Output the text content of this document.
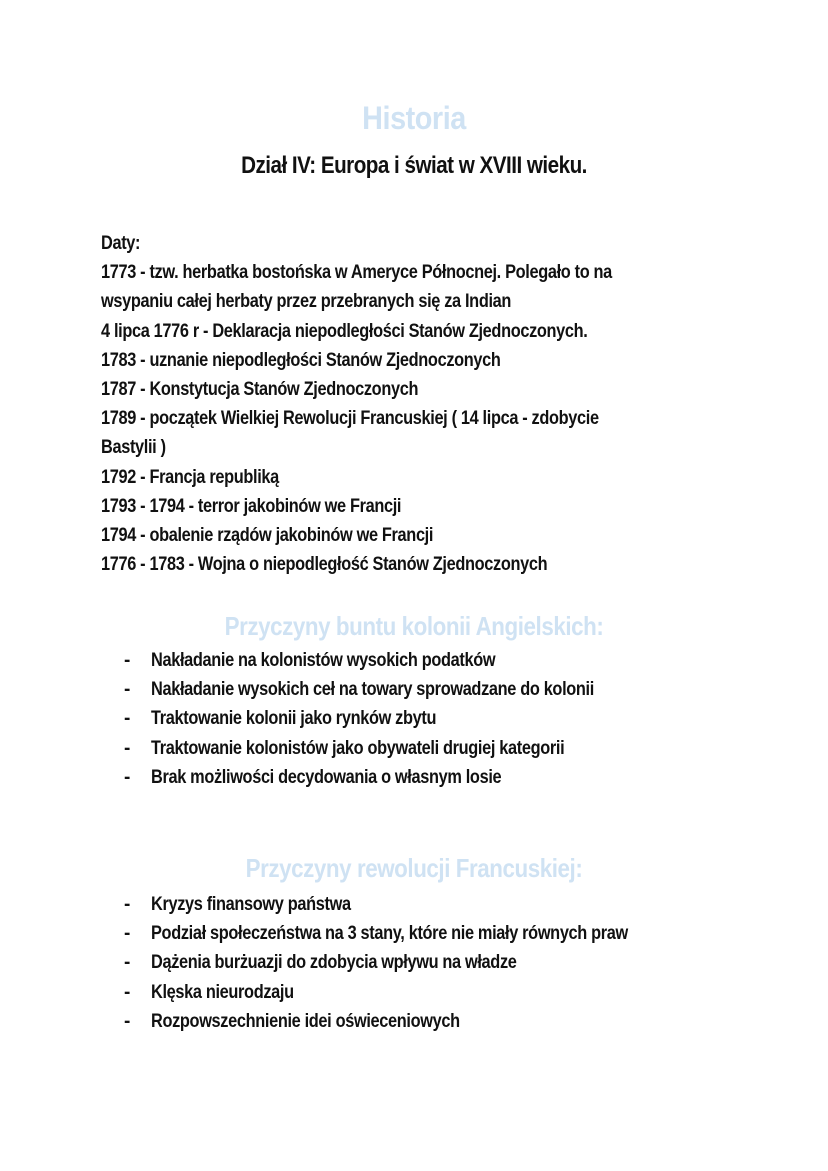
Historia
Dział IV: Europa i świat w XVIII wieku.
Daty:
1773 - tzw. herbatka bostońska w Ameryce Północnej. Polegało to na
wsypaniu całej herbaty przez przebranych się za Indian
4 lipca 1776 r - Deklaracja niepodległości Stanów Zjednoczonych.
1783 - uznanie niepodległości Stanów Zjednoczonych
1787 - Konstytucja Stanów Zjednoczonych
1789 - początek Wielkiej Rewolucji Francuskiej ( 14 lipca - zdobycie
Bastylii )
1792 - Francja republiką
1793 - 1794 - terror jakobinów we Francji
1794 - obalenie rządów jakobinów we Francji
1776 - 1783 - Wojna o niepodległość Stanów Zjednoczonych
Przyczyny buntu kolonii Angielskich:
-	Nakładanie na kolonistów wysokich podatków
-	Nakładanie wysokich ceł na towary sprowadzane do kolonii
-	Traktowanie kolonii jako rynków zbytu
-	Traktowanie kolonistów jako obywateli drugiej kategorii
-	Brak możliwości decydowania o własnym losie
Przyczyny rewolucji Francuskiej:
-	Kryzys finansowy państwa
-	Podział społeczeństwa na 3 stany, które nie miały równych praw
-	Dążenia burżuazji do zdobycia wpływu na władze
-	Klęska nieurodzaju
-	Rozpowszechnienie idei oświeceniowych
